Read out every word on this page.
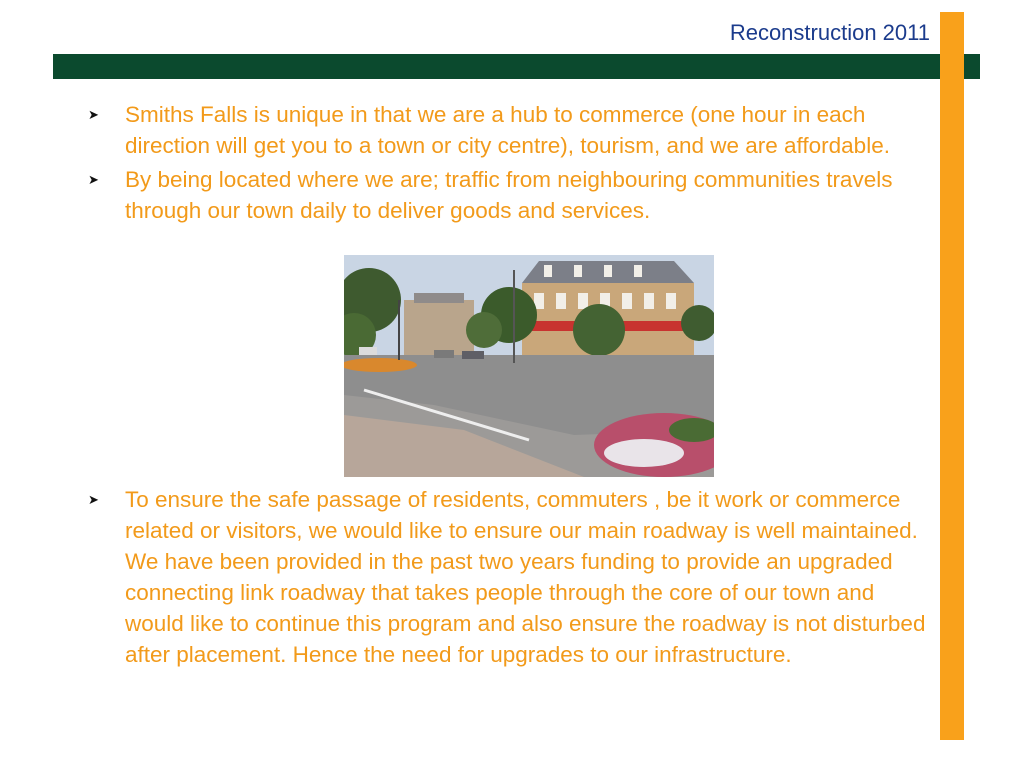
Reconstruction 2011
➤ Smiths Falls is unique in that we are a hub to commerce (one hour in each direction will get you to a town or city centre), tourism, and we are affordable.
➤ By being located where we are; traffic from neighbouring communities travels through our town daily to deliver goods and services.
➤ To ensure the safe passage of residents, commuters , be it work or commerce related or visitors, we would like to ensure our main roadway is well maintained. We have been provided in the past two years funding to provide an upgraded connecting link roadway that takes people through the core of our town and would like to continue this program and also ensure the roadway is not disturbed after placement. Hence the need for upgrades to our infrastructure.
